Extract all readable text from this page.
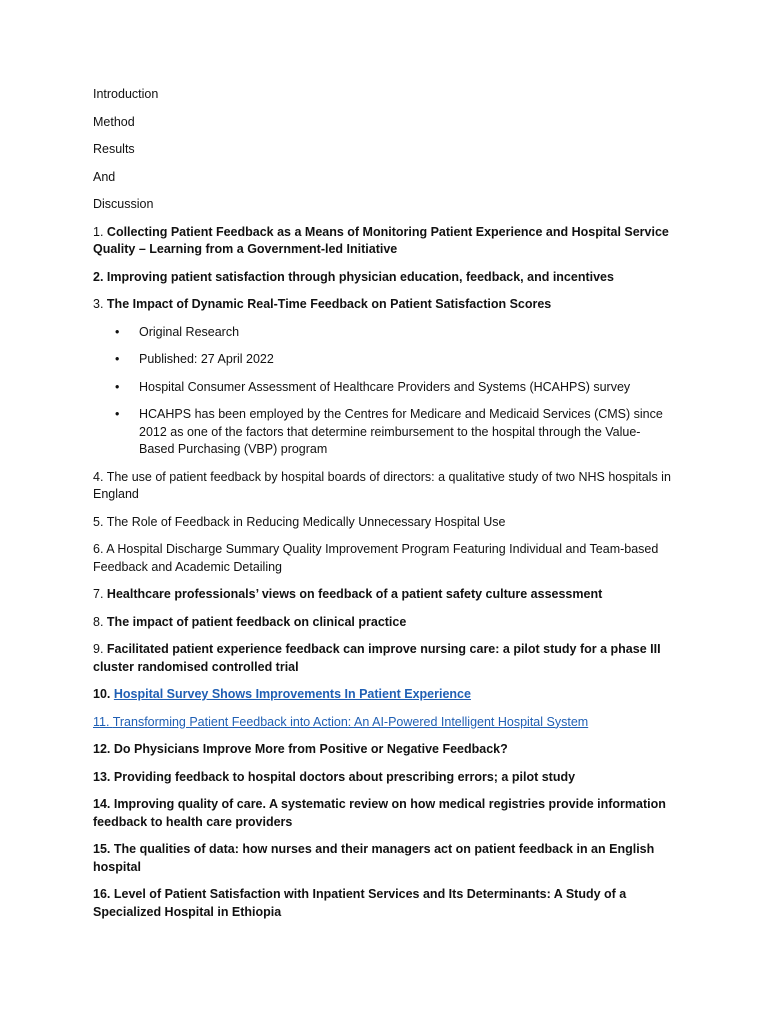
Introduction
Method
Results
And
Discussion
1. Collecting Patient Feedback as a Means of Monitoring Patient Experience and Hospital Service Quality – Learning from a Government-led Initiative
2. Improving patient satisfaction through physician education, feedback, and incentives
3. The Impact of Dynamic Real-Time Feedback on Patient Satisfaction Scores
• Original Research
• Published: 27 April 2022
• Hospital Consumer Assessment of Healthcare Providers and Systems (HCAHPS) survey
• HCAHPS has been employed by the Centres for Medicare and Medicaid Services (CMS) since 2012 as one of the factors that determine reimbursement to the hospital through the Value-Based Purchasing (VBP) program
4. The use of patient feedback by hospital boards of directors: a qualitative study of two NHS hospitals in England
5. The Role of Feedback in Reducing Medically Unnecessary Hospital Use
6. A Hospital Discharge Summary Quality Improvement Program Featuring Individual and Team-based Feedback and Academic Detailing
7. Healthcare professionals’ views on feedback of a patient safety culture assessment
8. The impact of patient feedback on clinical practice
9. Facilitated patient experience feedback can improve nursing care: a pilot study for a phase III cluster randomised controlled trial
10. Hospital Survey Shows Improvements In Patient Experience
11. Transforming Patient Feedback into Action: An AI-Powered Intelligent Hospital System
12. Do Physicians Improve More from Positive or Negative Feedback?
13. Providing feedback to hospital doctors about prescribing errors; a pilot study
14. Improving quality of care. A systematic review on how medical registries provide information feedback to health care providers
15. The qualities of data: how nurses and their managers act on patient feedback in an English hospital
16. Level of Patient Satisfaction with Inpatient Services and Its Determinants: A Study of a Specialized Hospital in Ethiopia
